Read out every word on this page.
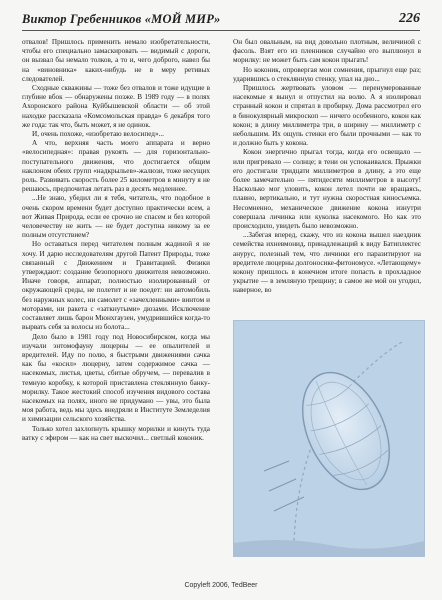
Виктор Гребенников «МОЙ МИР»	226

отвалов! Пришлось применить немало изобретательности, чтобы его специально замаскировать — видимый с дороги, он вызвал бы немало толков, а то и, чего доброго, навел бы на «виновника» каких-нибудь не в меру ретивых следователей.

Сходные скважины — тоже без отвалов и тоже идущие в глубине вбок — обнаружены позже. В 1989 году — в полях Ахоронского района Куйбышевской области — об этой находке рассказала «Комсомольская правда» 6 декабря того же года: так что, быть может, я не одинок.

И, очень похоже, «изобретаю велосипед»...

А что, верхняя часть моего аппарата и верно «велосипедная»: правая рукоять — для горизонтально-поступательного движения, что достигается общим наклоном обеих групп «надкрыльев»-жалюзи, тоже несущих роль. Развивать скорость более 25 километров в минуту я не решаюсь, предпочитая летать раз в десять медленнее.

...Не знаю, убедил ли я тебя, читатель, что подобное в очень скором времени будет доступно практически всем, а вот Живая Природа, если ее срочно не спасем и без которой человечеству не жить — не будет доступна никому за ее полным отсутствием?

Но оставаться перед читателем полным жадиной я не хочу. И дарю исследователям другой Патент Природы, тоже связанный с Движением и Гравитацией. Физики утверждают: создание безопорного движителя невозможно. Иначе говоря, аппарат, полностью изолированный от окружающей среды, не полетит и не поедет: ни автомобиль без наружных колес, ни самолет с «зачехленными» винтом и моторами, ни ракета с «заткнутыми» дюзами. Исключение составляет лишь барон Мюнхгаузен, умудрившийся когда-то вырвать себя за волосы из болота...

Дело было в 1981 году под Новосибирском, когда мы изучали энтомофауну люцерны — ее опылителей и вредителей. Иду по полю, я быстрыми движениями сачка как бы «косил» люцерну, затем содержимое сачка — насекомых, листья, цветы, сбитые обручем, — перевалив в темную коробку, к которой приставлена стеклянную банку-морилку. Такое жестокий способ изучения видового состава насекомых на полях, иного не придумано — увы, это была моя работа, ведь мы здесь внедряли в Институте Земледелия и химизации сельского хозяйства.

Только хотел захлопнуть крышку морилки и кинуть туда ватку с эфиром — как на свет выскочил... светлый коконик.

Он был овальным, на вид довольно плотным, величиной с фасоль. Взят его из пленников случайно его выплюнул в морилку: не может быть сам кокон прыгать!

Но коконик, опровергая мои сомнения, прыгнул еще раз; ударившись о стеклянную стенку, упал на дно...

Пришлось жертвовать уловом — перенумерованные насекомые я вынул и отпустил на волю. А я изолировал странный кокон и спрятал в пробирку. Дома рассмотрел его в бинокулярный микроскоп — ничего особенного, кокон как кокон; в длину миллиметра три, в ширину — миллиметр с небольшим. Их ощупь стенки его были прочными — как то и должно быть у кокона.

Кокон энергично прыгал тогда, когда его освещало — или пригревало — солнце; в тени он успокаивался. Прыжки его достигали тридцати миллиметров в длину, а это еще более замечательно — пятидесяти миллиметров в высоту! Насколько мог уловить, кокон летел почти не вращаясь, плавно, вертикально, и тут нужна скоростная киносъемка. Несомненно, механическое движение кокона изнутри совершала личинка или куколка насекомого. Но как это происходило, увидеть было невозможно.

...Забегая вперед, скажу, что из кокона вышел наездник семейства ихневмонид, принадлежащий к виду Батиплектес анурус, полезный тем, что личинки его паразитируют на вредителе люцерны долгоносике-фитономусе. «Летающему» кокону пришлось в конечном итоге попасть в прохладное укрытие — в земляную трещину; в самое же мой он угодил, наверное, во

Copyleft 2006, TedBeer
